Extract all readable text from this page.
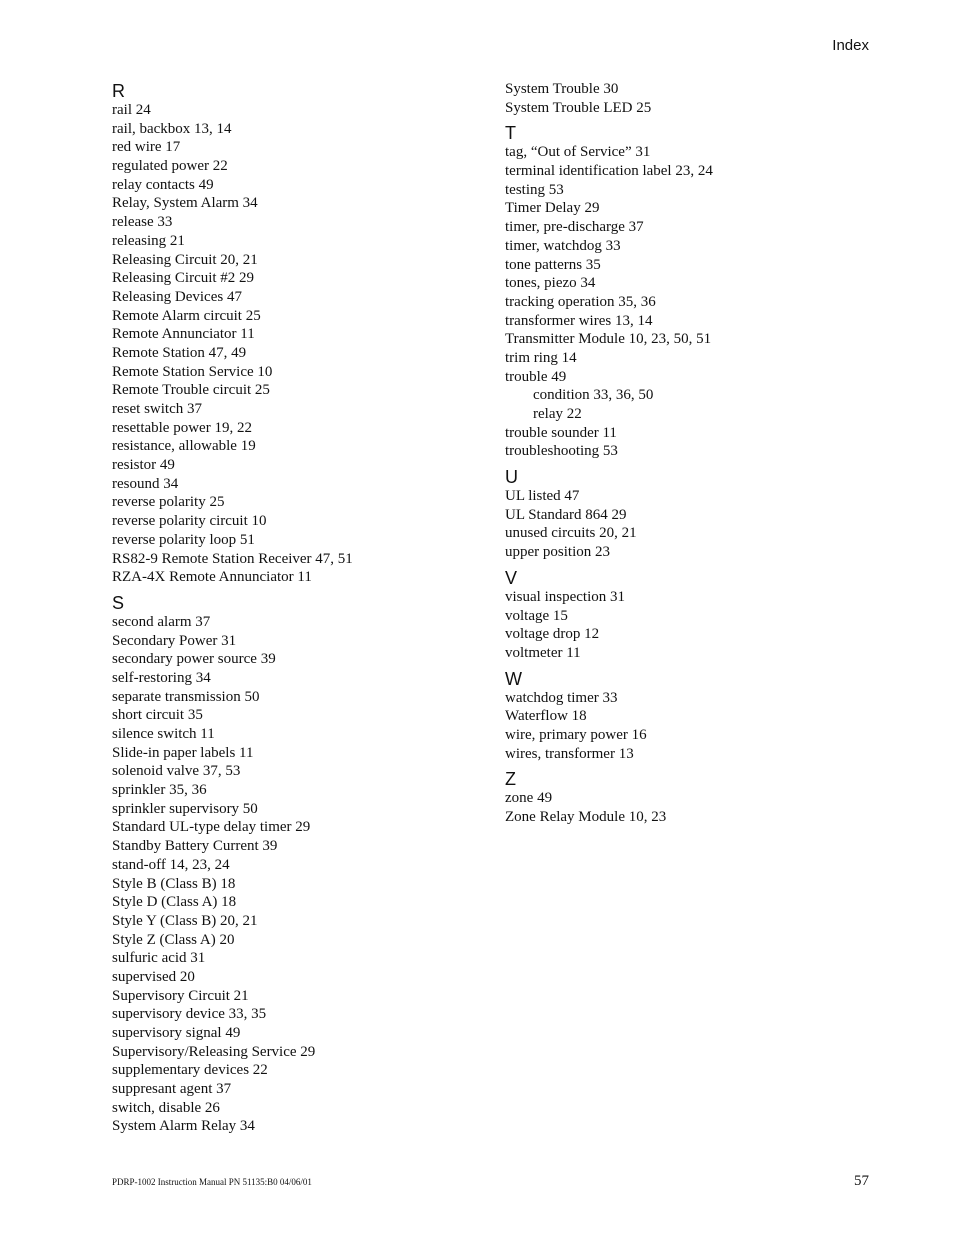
Index
R
rail 24
rail, backbox 13, 14
red wire 17
regulated power 22
relay contacts 49
Relay, System Alarm 34
release 33
releasing 21
Releasing Circuit 20, 21
Releasing Circuit #2 29
Releasing Devices 47
Remote Alarm circuit 25
Remote Annunciator 11
Remote Station 47, 49
Remote Station Service 10
Remote Trouble circuit 25
reset switch 37
resettable power 19, 22
resistance, allowable 19
resistor 49
resound 34
reverse polarity 25
reverse polarity circuit 10
reverse polarity loop 51
RS82-9 Remote Station Receiver 47, 51
RZA-4X Remote Annunciator 11
S
second alarm 37
Secondary Power 31
secondary power source 39
self-restoring 34
separate transmission 50
short circuit 35
silence switch 11
Slide-in paper labels 11
solenoid valve 37, 53
sprinkler 35, 36
sprinkler supervisory 50
Standard UL-type delay timer 29
Standby Battery Current 39
stand-off 14, 23, 24
Style B (Class B) 18
Style D (Class A) 18
Style Y (Class B) 20, 21
Style Z (Class A) 20
sulfuric acid 31
supervised 20
Supervisory Circuit 21
supervisory device 33, 35
supervisory signal 49
Supervisory/Releasing Service 29
supplementary devices 22
suppresant agent 37
switch, disable 26
System Alarm Relay 34
System Trouble 30
System Trouble LED 25
T
tag, “Out of Service” 31
terminal identification label 23, 24
testing 53
Timer Delay 29
timer, pre-discharge 37
timer, watchdog 33
tone patterns 35
tones, piezo 34
tracking operation 35, 36
transformer wires 13, 14
Transmitter Module 10, 23, 50, 51
trim ring 14
trouble 49
condition 33, 36, 50
relay 22
trouble sounder 11
troubleshooting 53
U
UL listed 47
UL Standard 864 29
unused circuits 20, 21
upper position 23
V
visual inspection 31
voltage 15
voltage drop 12
voltmeter 11
W
watchdog timer 33
Waterflow 18
wire, primary power 16
wires, transformer 13
Z
zone 49
Zone Relay Module 10, 23
PDRP-1002 Instruction Manual PN 51135:B0 04/06/01	57
